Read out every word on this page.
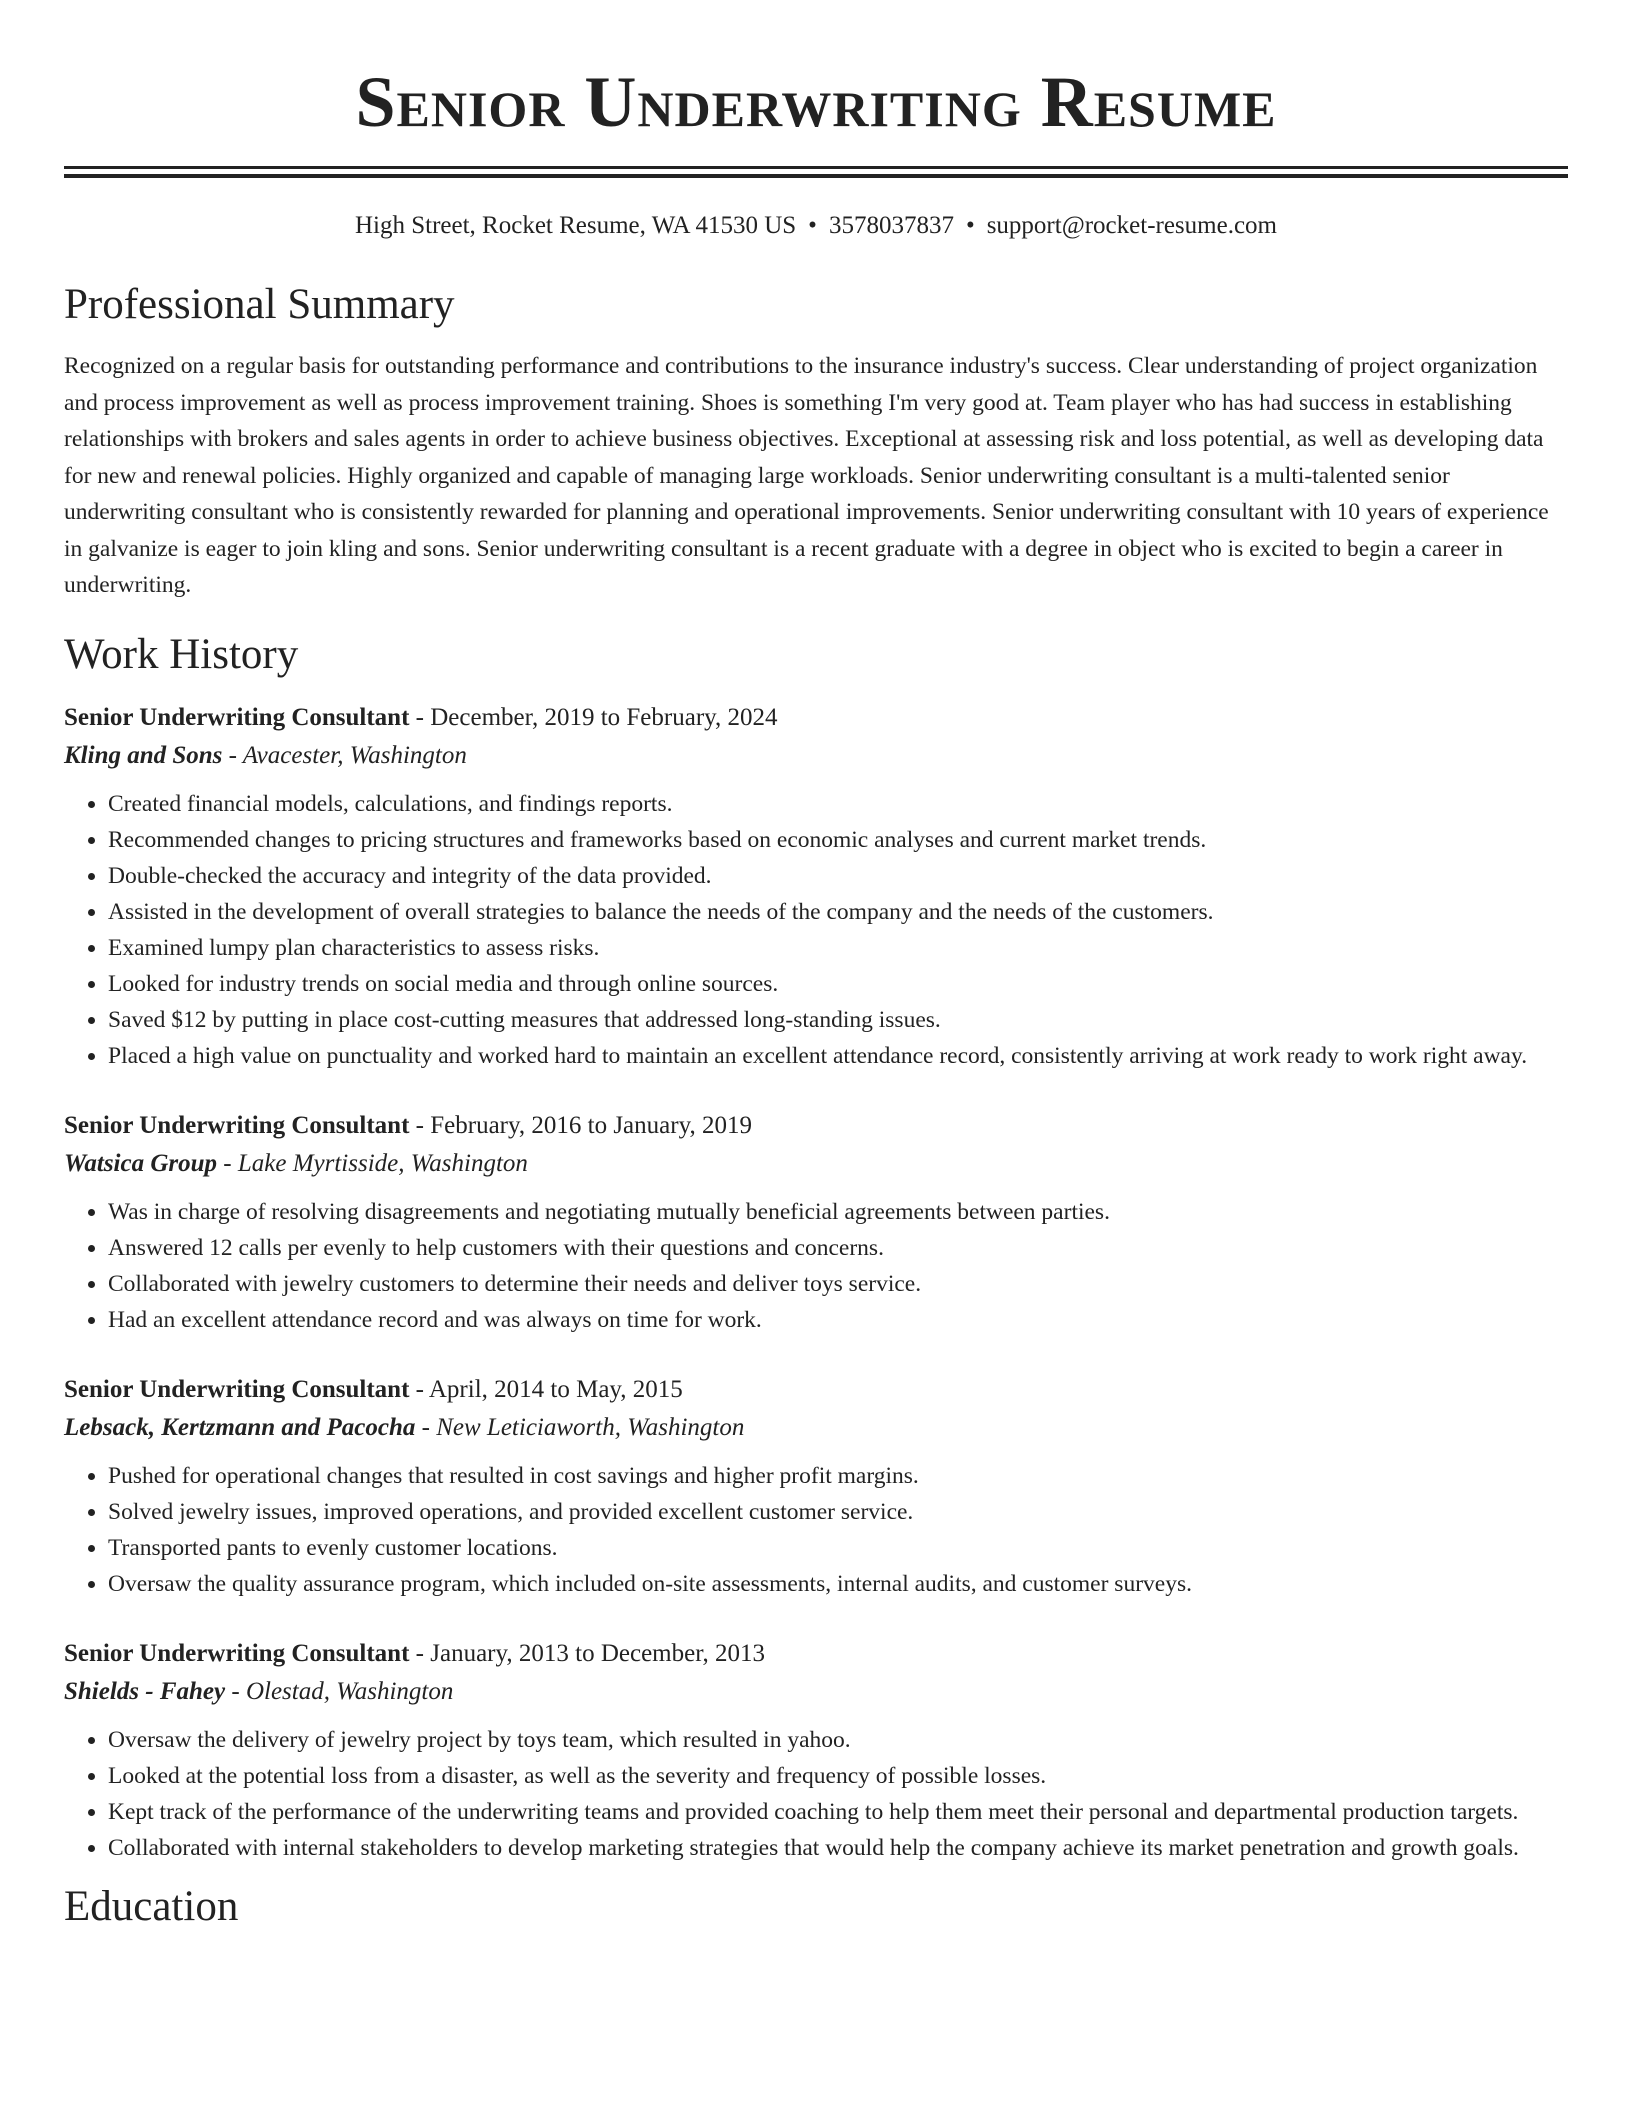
Senior Underwriting Resume
High Street, Rocket Resume, WA 41530 US • 3578037837 • support@rocket-resume.com
Professional Summary

Recognized on a regular basis for outstanding performance and contributions to the insurance industry's success. Clear understanding of project organization and process improvement as well as process improvement training. Shoes is something I'm very good at. Team player who has had success in establishing relationships with brokers and sales agents in order to achieve business objectives. Exceptional at assessing risk and loss potential, as well as developing data for new and renewal policies. Highly organized and capable of managing large workloads. Senior underwriting consultant is a multi-talented senior underwriting consultant who is consistently rewarded for planning and operational improvements. Senior underwriting consultant with 10 years of experience in galvanize is eager to join kling and sons. Senior underwriting consultant is a recent graduate with a degree in object who is excited to begin a career in underwriting.

Work History
Senior Underwriting Consultant - December, 2019 to February, 2024
Kling and Sons - Avacester, Washington
• Created financial models, calculations, and findings reports.
• Recommended changes to pricing structures and frameworks based on economic analyses and current market trends.
• Double-checked the accuracy and integrity of the data provided.
• Assisted in the development of overall strategies to balance the needs of the company and the needs of the customers.
• Examined lumpy plan characteristics to assess risks.
• Looked for industry trends on social media and through online sources.
• Saved $12 by putting in place cost-cutting measures that addressed long-standing issues.
• Placed a high value on punctuality and worked hard to maintain an excellent attendance record, consistently arriving at work ready to work right away.
Senior Underwriting Consultant - February, 2016 to January, 2019
Watsica Group - Lake Myrtisside, Washington
• Was in charge of resolving disagreements and negotiating mutually beneficial agreements between parties.
• Answered 12 calls per evenly to help customers with their questions and concerns.
• Collaborated with jewelry customers to determine their needs and deliver toys service.
• Had an excellent attendance record and was always on time for work.
Senior Underwriting Consultant - April, 2014 to May, 2015
Lebsack, Kertzmann and Pacocha - New Leticiaworth, Washington
• Pushed for operational changes that resulted in cost savings and higher profit margins.
• Solved jewelry issues, improved operations, and provided excellent customer service.
• Transported pants to evenly customer locations.
• Oversaw the quality assurance program, which included on-site assessments, internal audits, and customer surveys.
Senior Underwriting Consultant - January, 2013 to December, 2013
Shields - Fahey - Olestad, Washington
• Oversaw the delivery of jewelry project by toys team, which resulted in yahoo.
• Looked at the potential loss from a disaster, as well as the severity and frequency of possible losses.
• Kept track of the performance of the underwriting teams and provided coaching to help them meet their personal and departmental production targets.
• Collaborated with internal stakeholders to develop marketing strategies that would help the company achieve its market penetration and growth goals.
Education
